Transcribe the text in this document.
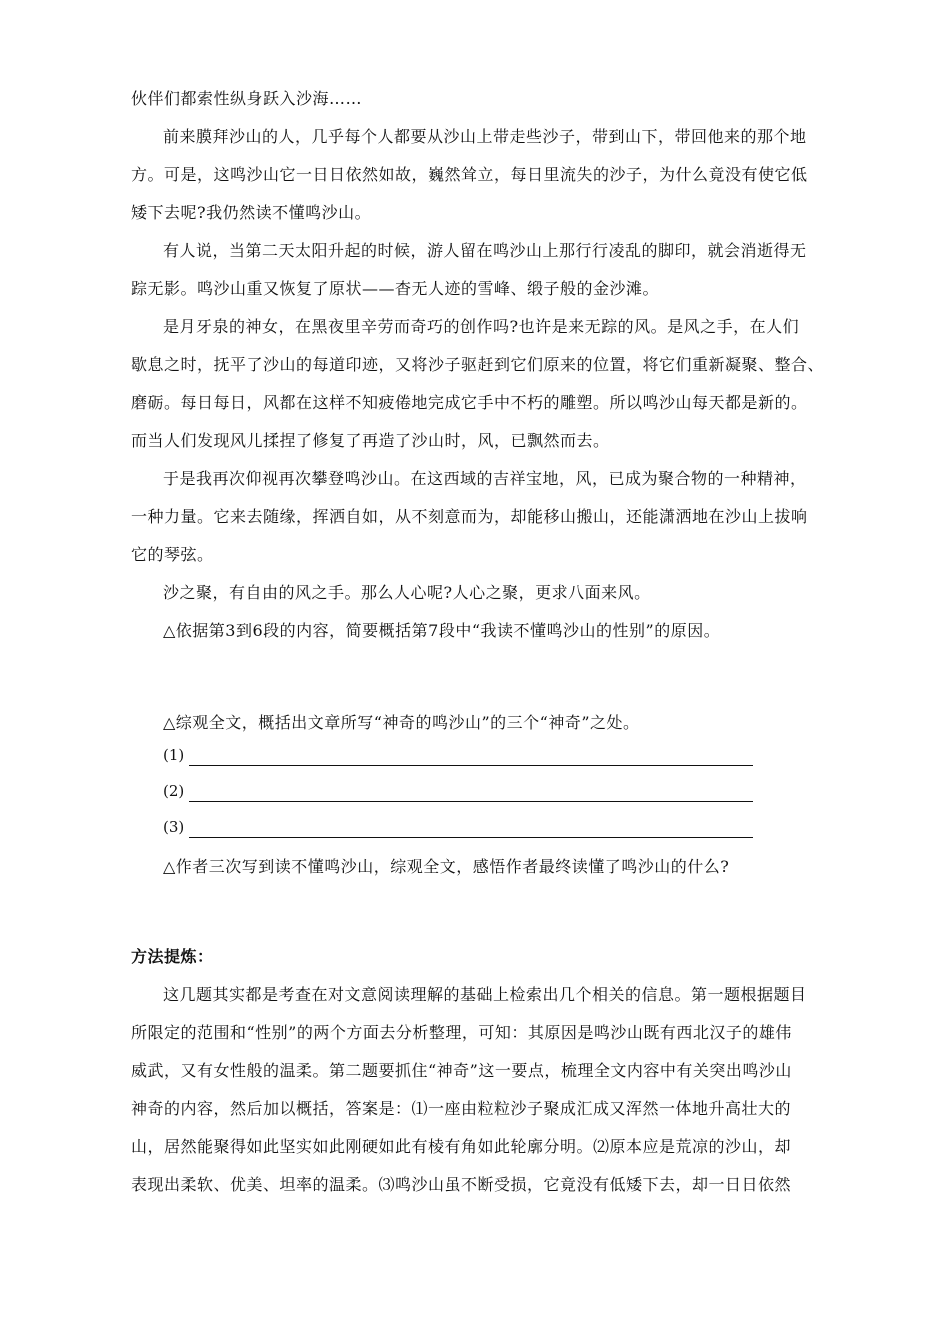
伙伴们都索性纵身跃入沙海……
前来膜拜沙山的人，几乎每个人都要从沙山上带走些沙子，带到山下，带回他来的那个地
方。可是，这鸣沙山它一日日依然如故，巍然耸立，每日里流失的沙子，为什么竟没有使它低
矮下去呢?我仍然读不懂鸣沙山。
有人说，当第二天太阳升起的时候，游人留在鸣沙山上那行行凌乱的脚印，就会消逝得无
踪无影。鸣沙山重又恢复了原状——杳无人迹的雪峰、缎子般的金沙滩。
是月牙泉的神女，在黑夜里辛劳而奇巧的创作吗?也许是来无踪的风。是风之手，在人们
歇息之时，抚平了沙山的每道印迹，又将沙子驱赶到它们原来的位置，将它们重新凝聚、整合、
磨砺。每日每日，风都在这样不知疲倦地完成它手中不朽的雕塑。所以鸣沙山每天都是新的。
而当人们发现风儿揉捏了修复了再造了沙山时，风，已飘然而去。
于是我再次仰视再次攀登鸣沙山。在这西域的吉祥宝地，风，已成为聚合物的一种精神，
一种力量。它来去随缘，挥洒自如，从不刻意而为，却能移山搬山，还能潇洒地在沙山上拔响
它的琴弦。
沙之聚，有自由的风之手。那么人心呢?人心之聚，更求八面来风。
△依据第3到6段的内容，简要概括第7段中“我读不懂鸣沙山的性别”的原因。
△综观全文，概括出文章所写“神奇的鸣沙山”的三个“神奇”之处。
(1)
(2)
(3)
△作者三次写到读不懂鸣沙山，综观全文，感悟作者最终读懂了鸣沙山的什么?
方法提炼：
这几题其实都是考查在对文意阅读理解的基础上检索出几个相关的信息。第一题根据题目
所限定的范围和“性别”的两个方面去分析整理，可知：其原因是鸣沙山既有西北汉子的雄伟
威武，又有女性般的温柔。第二题要抓住“神奇”这一要点，梳理全文内容中有关突出鸣沙山
神奇的内容，然后加以概括，答案是：⑴一座由粒粒沙子聚成汇成又浑然一体地升高壮大的
山，居然能聚得如此坚实如此刚硬如此有棱有角如此轮廓分明。⑵原本应是荒凉的沙山，却
表现出柔软、优美、坦率的温柔。⑶鸣沙山虽不断受损，它竟没有低矮下去，却一日日依然
